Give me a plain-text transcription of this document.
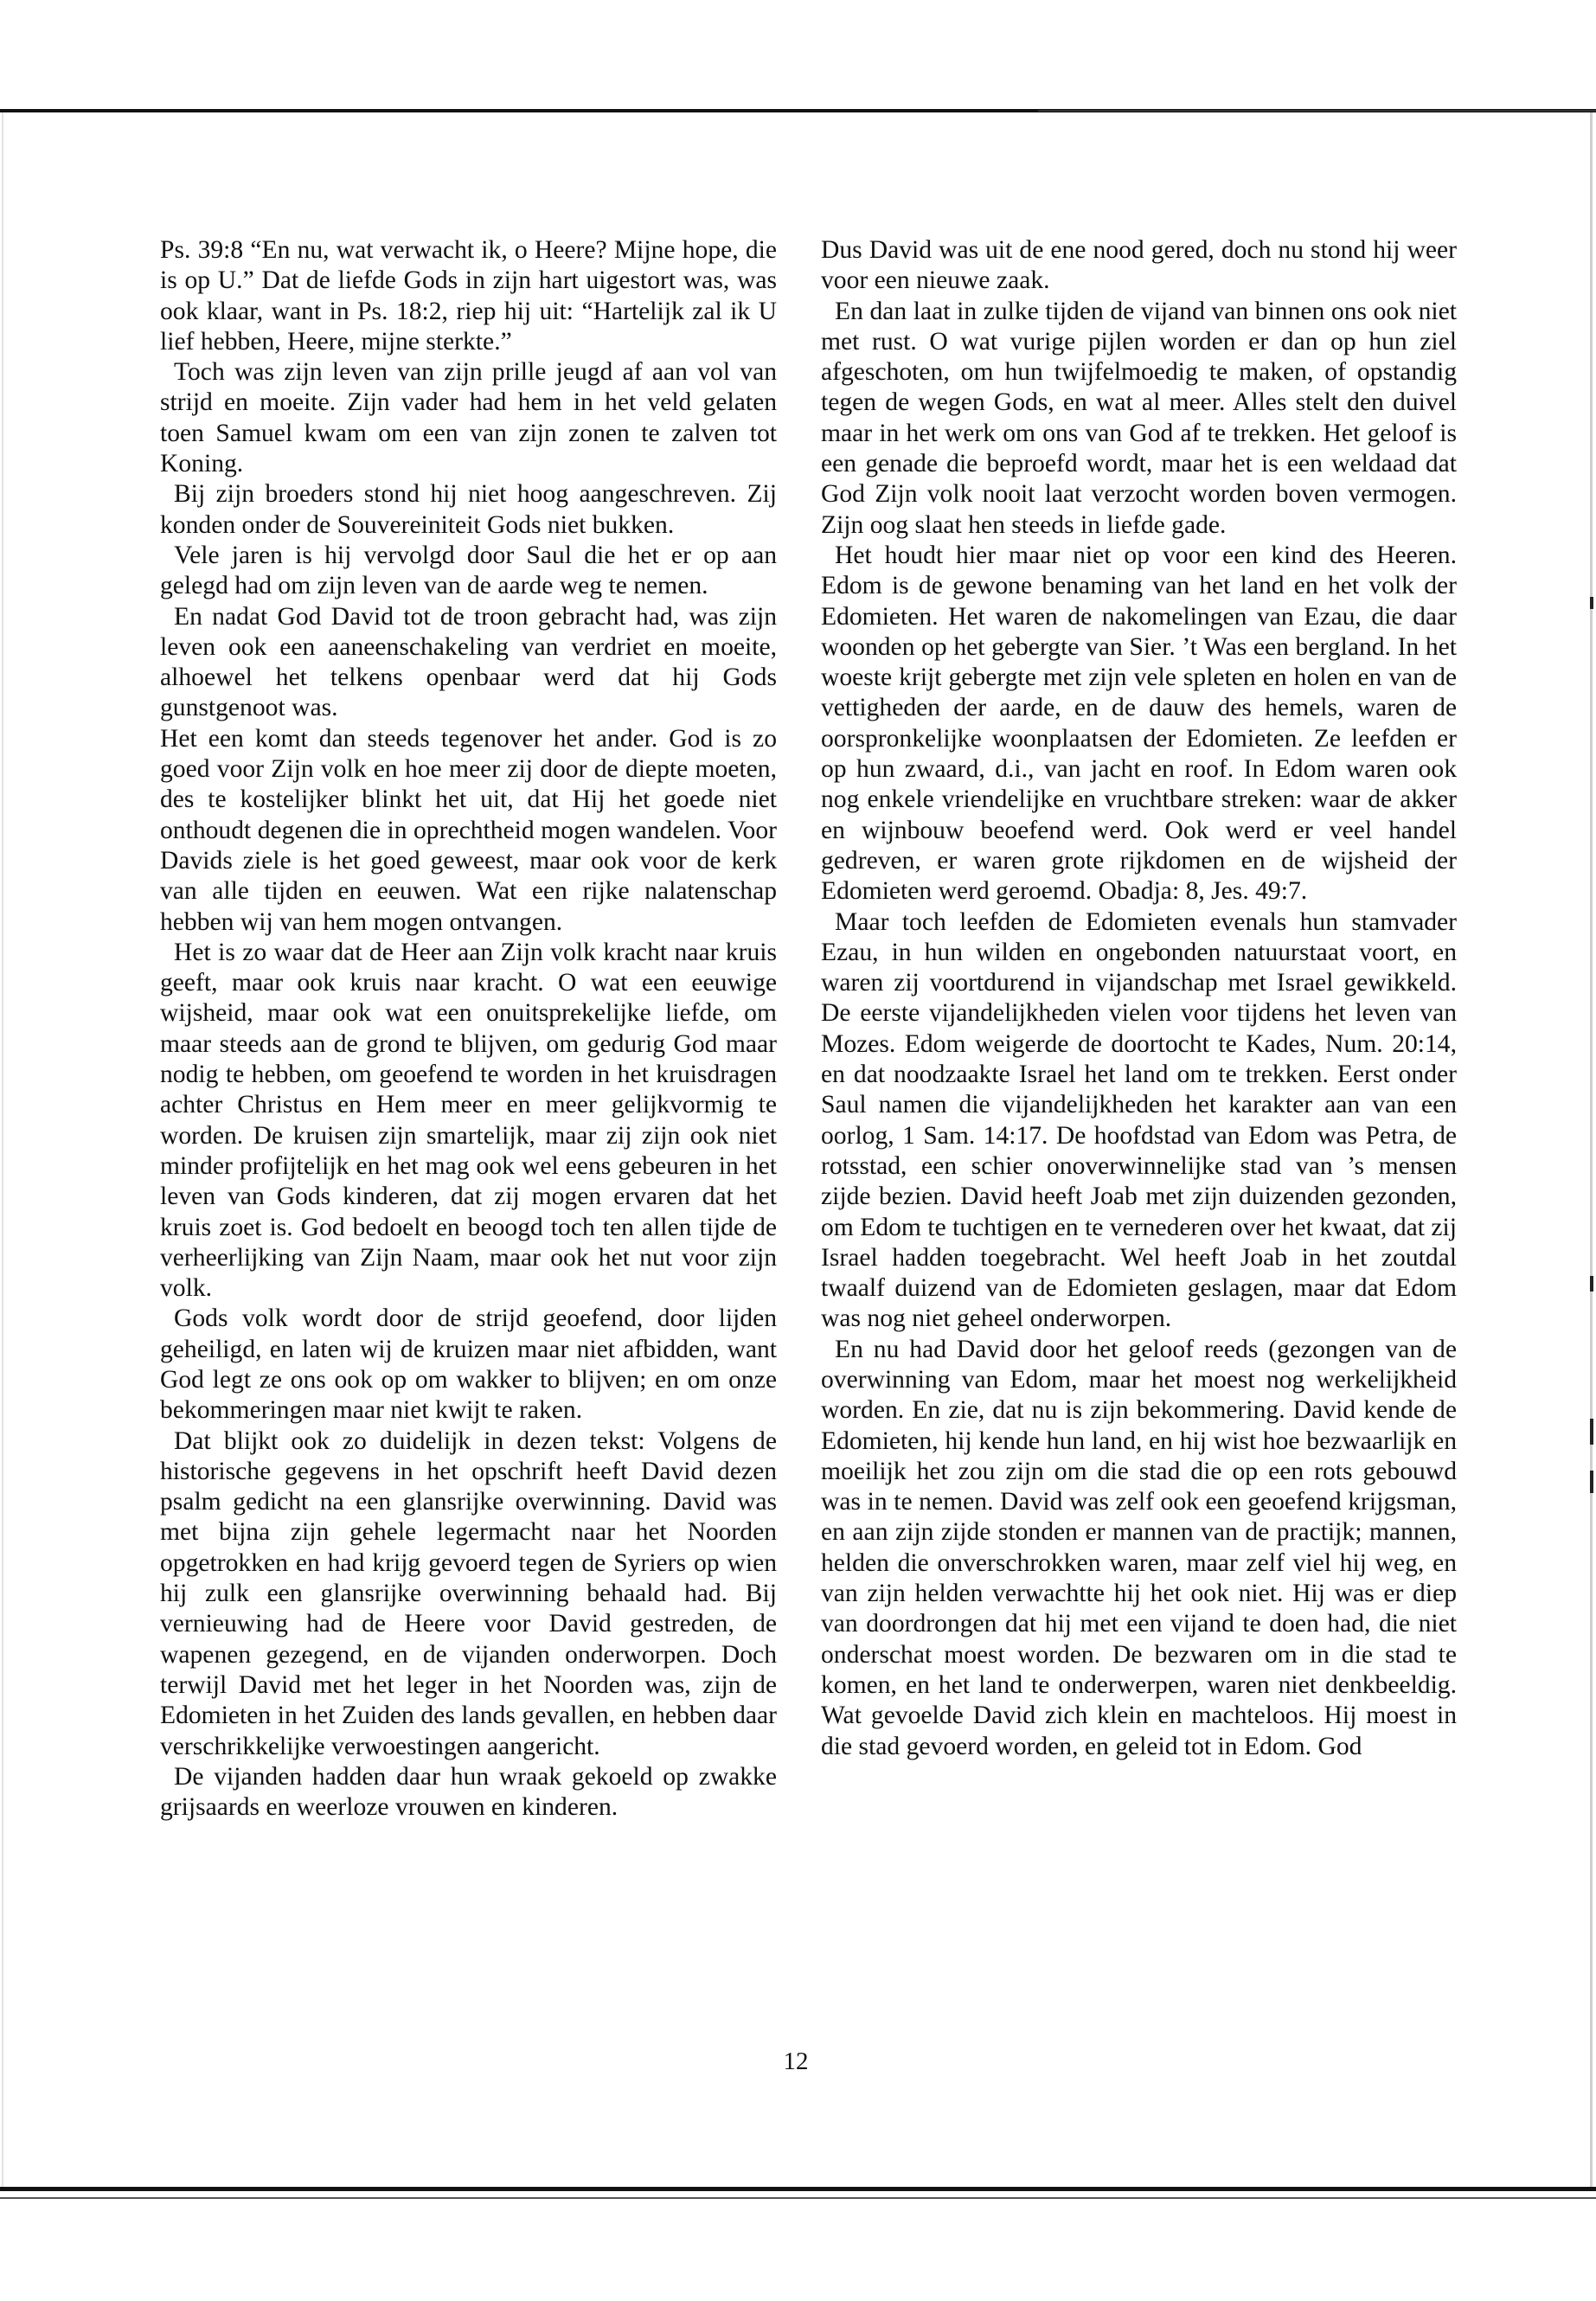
Ps. 39:8 “En nu, wat verwacht ik, o Heere? Mijne hope, die is op U.” Dat de liefde Gods in zijn hart uigestort was, was ook klaar, want in Ps. 18:2, riep hij uit: “Hartelijk zal ik U lief hebben, Heere, mijne sterkte.”

Toch was zijn leven van zijn prille jeugd af aan vol van strijd en moeite. Zijn vader had hem in het veld gelaten toen Samuel kwam om een van zijn zonen te zalven tot Koning.

Bij zijn broeders stond hij niet hoog aangeschreven. Zij konden onder de Souvereiniteit Gods niet bukken.

Vele jaren is hij vervolgd door Saul die het er op aan gelegd had om zijn leven van de aarde weg te nemen.

En nadat God David tot de troon gebracht had, was zijn leven ook een aaneenschakeling van verdriet en moeite, alhoewel het telkens openbaar werd dat hij Gods gunstgenoot was.

Het een komt dan steeds tegenover het ander. God is zo goed voor Zijn volk en hoe meer zij door de diepte moeten, des te kostelijker blinkt het uit, dat Hij het goede niet onthoudt degenen die in oprechtheid mogen wandelen. Voor Davids ziele is het goed geweest, maar ook voor de kerk van alle tijden en eeuwen. Wat een rijke nalatenschap hebben wij van hem mogen ontvangen.

Het is zo waar dat de Heer aan Zijn volk kracht naar kruis geeft, maar ook kruis naar kracht. O wat een eeuwige wijsheid, maar ook wat een onuitsprekelijke liefde, om maar steeds aan de grond te blijven, om gedurig God maar nodig te hebben, om geoefend te worden in het kruisdragen achter Christus en Hem meer en meer gelijkvormig te worden. De kruisen zijn smartelijk, maar zij zijn ook niet minder profijtelijk en het mag ook wel eens gebeuren in het leven van Gods kinderen, dat zij mogen ervaren dat het kruis zoet is. God bedoelt en beoogd toch ten allen tijde de verheerlijking van Zijn Naam, maar ook het nut voor zijn volk.

Gods volk wordt door de strijd geoefend, door lijden geheiligd, en laten wij de kruizen maar niet afbidden, want God legt ze ons ook op om wakker to blijven; en om onze bekommeringen maar niet kwijt te raken.

Dat blijkt ook zo duidelijk in dezen tekst: Volgens de historische gegevens in het opschrift heeft David dezen psalm gedicht na een glansrijke overwinning. David was met bijna zijn gehele legermacht naar het Noorden opgetrokken en had krijg gevoerd tegen de Syriers op wien hij zulk een glansrijke overwinning behaald had. Bij vernieuwing had de Heere voor David gestreden, de wapenen gezegend, en de vijanden onderworpen. Doch terwijl David met het leger in het Noorden was, zijn de Edomieten in het Zuiden des lands gevallen, en hebben daar verschrikkelijke verwoestingen aangericht.

De vijanden hadden daar hun wraak gekoeld op zwakke grijsaards en weerloze vrouwen en kinderen.

Dus David was uit de ene nood gered, doch nu stond hij weer voor een nieuwe zaak.

En dan laat in zulke tijden de vijand van binnen ons ook niet met rust. O wat vurige pijlen worden er dan op hun ziel afgeschoten, om hun twijfelmoedig te maken, of opstandig tegen de wegen Gods, en wat al meer. Alles stelt den duivel maar in het werk om ons van God af te trekken. Het geloof is een genade die beproefd wordt, maar het is een weldaad dat God Zijn volk nooit laat verzocht worden boven vermogen. Zijn oog slaat hen steeds in liefde gade.

Het houdt hier maar niet op voor een kind des Heeren. Edom is de gewone benaming van het land en het volk der Edomieten. Het waren de nakomelingen van Ezau, die daar woonden op het gebergte van Sier. ’t Was een bergland. In het woeste krijt gebergte met zijn vele spleten en holen en van de vettigheden der aarde, en de dauw des hemels, waren de oorspronkelijke woonplaatsen der Edomieten. Ze leefden er op hun zwaard, d.i., van jacht en roof. In Edom waren ook nog enkele vriendelijke en vruchtbare streken: waar de akker en wijnbouw beoefend werd. Ook werd er veel handel gedreven, er waren grote rijkdomen en de wijsheid der Edomieten werd geroemd. Obadja: 8, Jes. 49:7.

Maar toch leefden de Edomieten evenals hun stamvader Ezau, in hun wilden en ongebonden natuurstaat voort, en waren zij voortdurend in vijandschap met Israel gewikkeld. De eerste vijandelijkheden vielen voor tijdens het leven van Mozes. Edom weigerde de doortocht te Kades, Num. 20:14, en dat noodzaakte Israel het land om te trekken. Eerst onder Saul namen die vijandelijkheden het karakter aan van een oorlog, 1 Sam. 14:17. De hoofdstad van Edom was Petra, de rotsstad, een schier onoverwinnelijke stad van ’s mensen zijde bezien. David heeft Joab met zijn duizenden gezonden, om Edom te tuchtigen en te vernederen over het kwaat, dat zij Israel hadden toegebracht. Wel heeft Joab in het zoutdal twaalf duizend van de Edomieten geslagen, maar dat Edom was nog niet geheel onderworpen.

En nu had David door het geloof reeds (gezongen van de overwinning van Edom, maar het moest nog werkelijkheid worden. En zie, dat nu is zijn bekommering. David kende de Edomieten, hij kende hun land, en hij wist hoe bezwaarlijk en moeilijk het zou zijn om die stad die op een rots gebouwd was in te nemen. David was zelf ook een geoefend krijgsman, en aan zijn zijde stonden er mannen van de practijk; mannen, helden die onverschrokken waren, maar zelf viel hij weg, en van zijn helden verwachtte hij het ook niet. Hij was er diep van doordrongen dat hij met een vijand te doen had, die niet onderschat moest worden. De bezwaren om in die stad te komen, en het land te onderwerpen, waren niet denkbeeldig. Wat gevoelde David zich klein en machteloos. Hij moest in die stad gevoerd worden, en geleid tot in Edom. God

12
